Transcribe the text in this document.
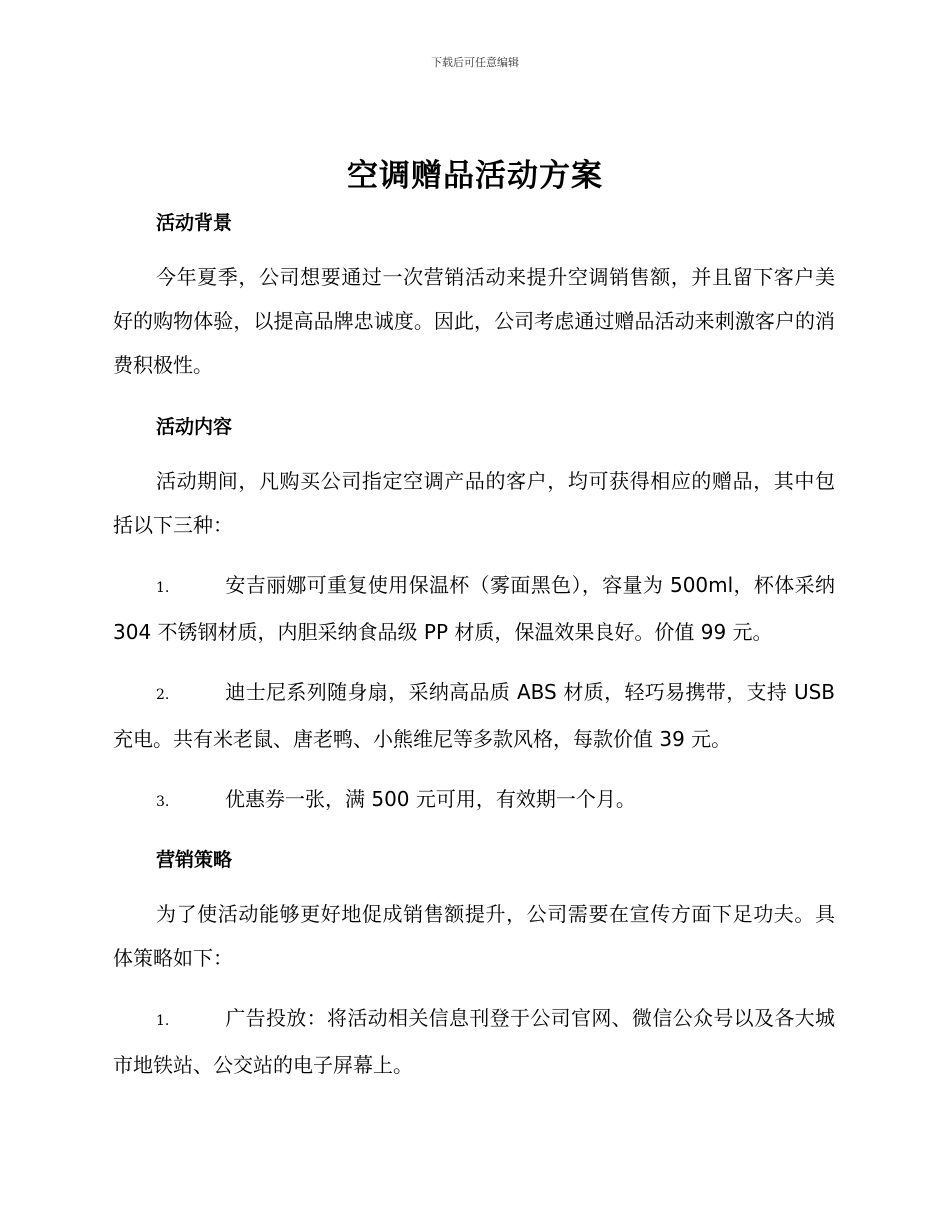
下载后可任意编辑
空调赠品活动方案

活动背景

今年夏季，公司想要通过一次营销活动来提升空调销售额，并且留下客户美好的购物体验，以提高品牌忠诚度。因此，公司考虑通过赠品活动来刺激客户的消费积极性。

活动内容

活动期间，凡购买公司指定空调产品的客户，均可获得相应的赠品，其中包括以下三种：

1.	安吉丽娜可重复使用保温杯（雾面黑色），容量为 500ml，杯体采纳 304 不锈钢材质，内胆采纳食品级 PP 材质，保温效果良好。价值 99 元。

2.	迪士尼系列随身扇，采纳高品质 ABS 材质，轻巧易携带，支持 USB 充电。共有米老鼠、唐老鸭、小熊维尼等多款风格，每款价值 39 元。

3.	优惠券一张，满 500 元可用，有效期一个月。

营销策略

为了使活动能够更好地促成销售额提升，公司需要在宣传方面下足功夫。具体策略如下：

1.	广告投放：将活动相关信息刊登于公司官网、微信公众号以及各大城市地铁站、公交站的电子屏幕上。
